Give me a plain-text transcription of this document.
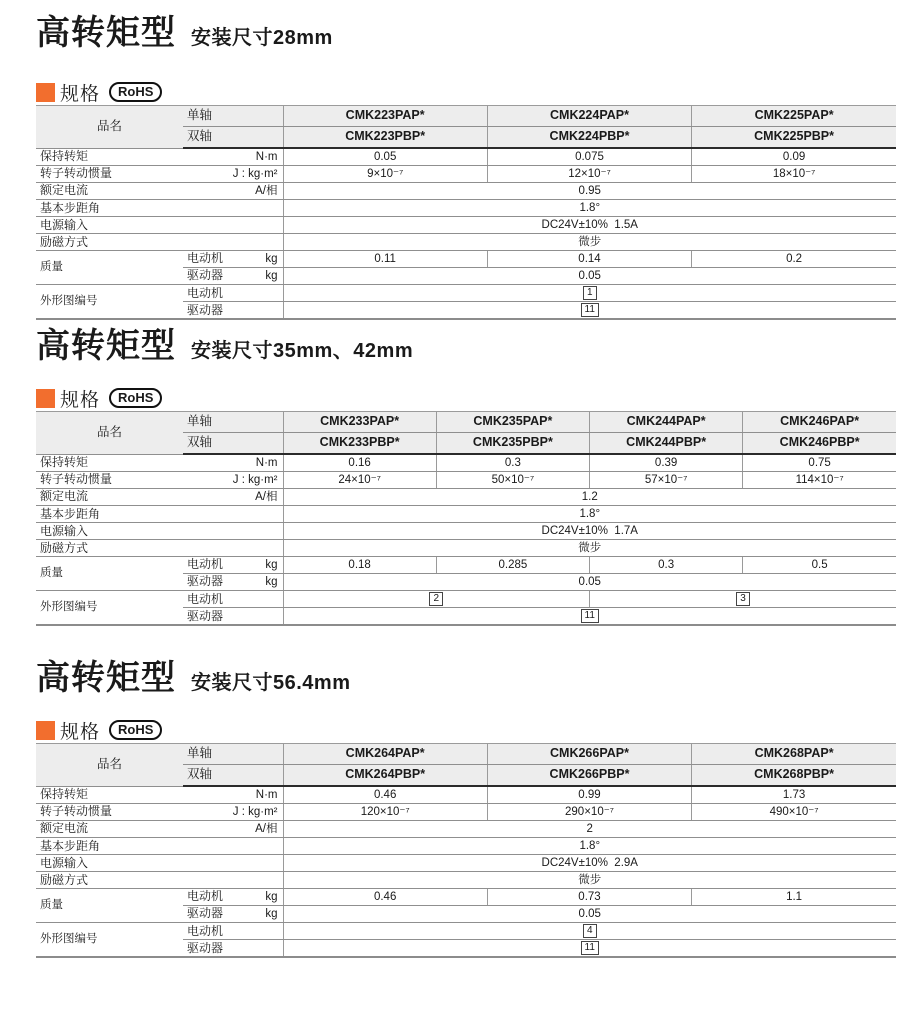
高转矩型 安装尺寸28mm
规格	RoHS
品名	单轴	CMK223PAP*	CMK224PAP*	CMK225PAP*
	双轴	CMK223PBP*	CMK224PBP*	CMK225PBP*

保持转矩 N·m		0.05	0.075	0.09

转子转动惯量 J : kg·m²		9×10⁻⁷	12×10⁻⁷	18×10⁻⁷

额定电流 A/相		0.95		

基本步距角		1.8°		

电源输入		DC24V±10%  1.5A		

励磁方式		微步		
质量	电动机 kg	0.11	0.14	0.2

	驱动器 kg	0.05		
外形图编号	电动机	1		

	驱动器	11		
高转矩型 安装尺寸35mm、42mm
规格	RoHS
品名	单轴	CMK233PAP*	CMK235PAP*	CMK244PAP*	CMK246PAP*
	双轴	CMK233PBP*	CMK235PBP*	CMK244PBP*	CMK246PBP*

保持转矩 N·m		0.16	0.3	0.39	0.75

转子转动惯量 J : kg·m²		24×10⁻⁷	50×10⁻⁷	57×10⁻⁷	114×10⁻⁷

额定电流 A/相		1.2			

基本步距角		1.8°			

电源输入		DC24V±10%  1.7A			

励磁方式		微步			
质量	电动机 kg	0.18	0.285	0.3	0.5

	驱动器 kg	0.05			
外形图编号	电动机	2		3	

	驱动器	11			
高转矩型 安装尺寸56.4mm
规格	RoHS
品名	单轴	CMK264PAP*	CMK266PAP*	CMK268PAP*
	双轴	CMK264PBP*	CMK266PBP*	CMK268PBP*

保持转矩 N·m		0.46	0.99	1.73

转子转动惯量 J : kg·m²		120×10⁻⁷	290×10⁻⁷	490×10⁻⁷

额定电流 A/相		2		

基本步距角		1.8°		

电源输入		DC24V±10%  2.9A		

励磁方式		微步		
质量	电动机 kg	0.46	0.73	1.1

	驱动器 kg	0.05		
外形图编号	电动机	4		

	驱动器	11		
